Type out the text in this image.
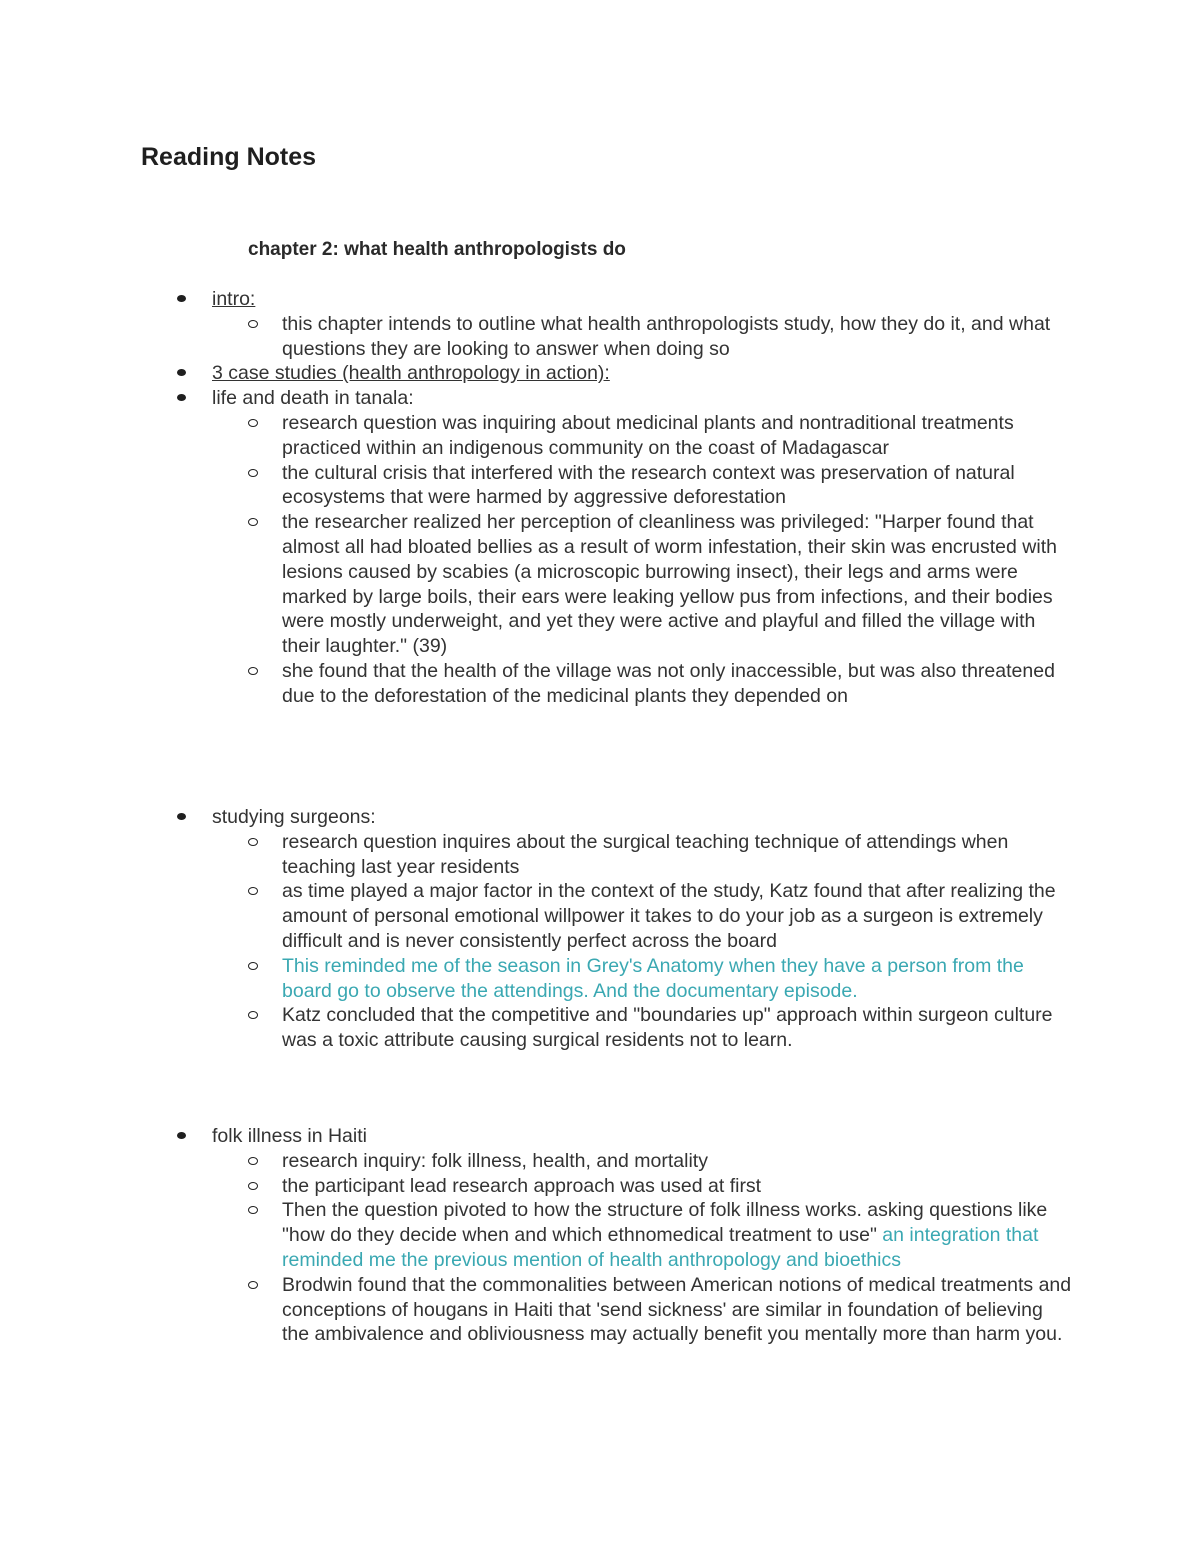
Reading Notes
chapter 2: what health anthropologists do
intro:
this chapter intends to outline what health anthropologists study, how they do it, and what questions they are looking to answer when doing so
3 case studies (health anthropology in action):
life and death in tanala:
research question was inquiring about medicinal plants and nontraditional treatments practiced within an indigenous community on the coast of Madagascar
the cultural crisis that interfered with the research context was preservation of natural ecosystems that were harmed by aggressive deforestation
the researcher realized her perception of cleanliness was privileged: "Harper found that almost all had bloated bellies as a result of worm infestation, their skin was encrusted with lesions caused by scabies (a microscopic burrowing insect), their legs and arms were marked by large boils, their ears were leaking yellow pus from infections, and their bodies were mostly underweight, and yet they were active and playful and filled the village with their laughter." (39)
she found that the health of the village was not only inaccessible, but was also threatened due to the deforestation of the medicinal plants they depended on
studying surgeons:
research question inquires about the surgical teaching technique of attendings when teaching last year residents
as time played a major factor in the context of the study, Katz found that after realizing the amount of personal emotional willpower it takes to do your job as a surgeon is extremely difficult and is never consistently perfect across the board
This reminded me of the season in Grey's Anatomy when they have a person from the board go to observe the attendings. And the documentary episode.
Katz concluded that the competitive and "boundaries up" approach within surgeon culture was a toxic attribute causing surgical residents not to learn.
folk illness in Haiti
research inquiry: folk illness, health, and mortality
the participant lead research approach was used at first
Then the question pivoted to how the structure of folk illness works. asking questions like "how do they decide when and which ethnomedical treatment to use" an integration that reminded me the previous mention of health anthropology and bioethics
Brodwin found that the commonalities between American notions of medical treatments and conceptions of hougans in Haiti that 'send sickness' are similar in foundation of believing the ambivalence and obliviousness may actually benefit you mentally more than harm you.
